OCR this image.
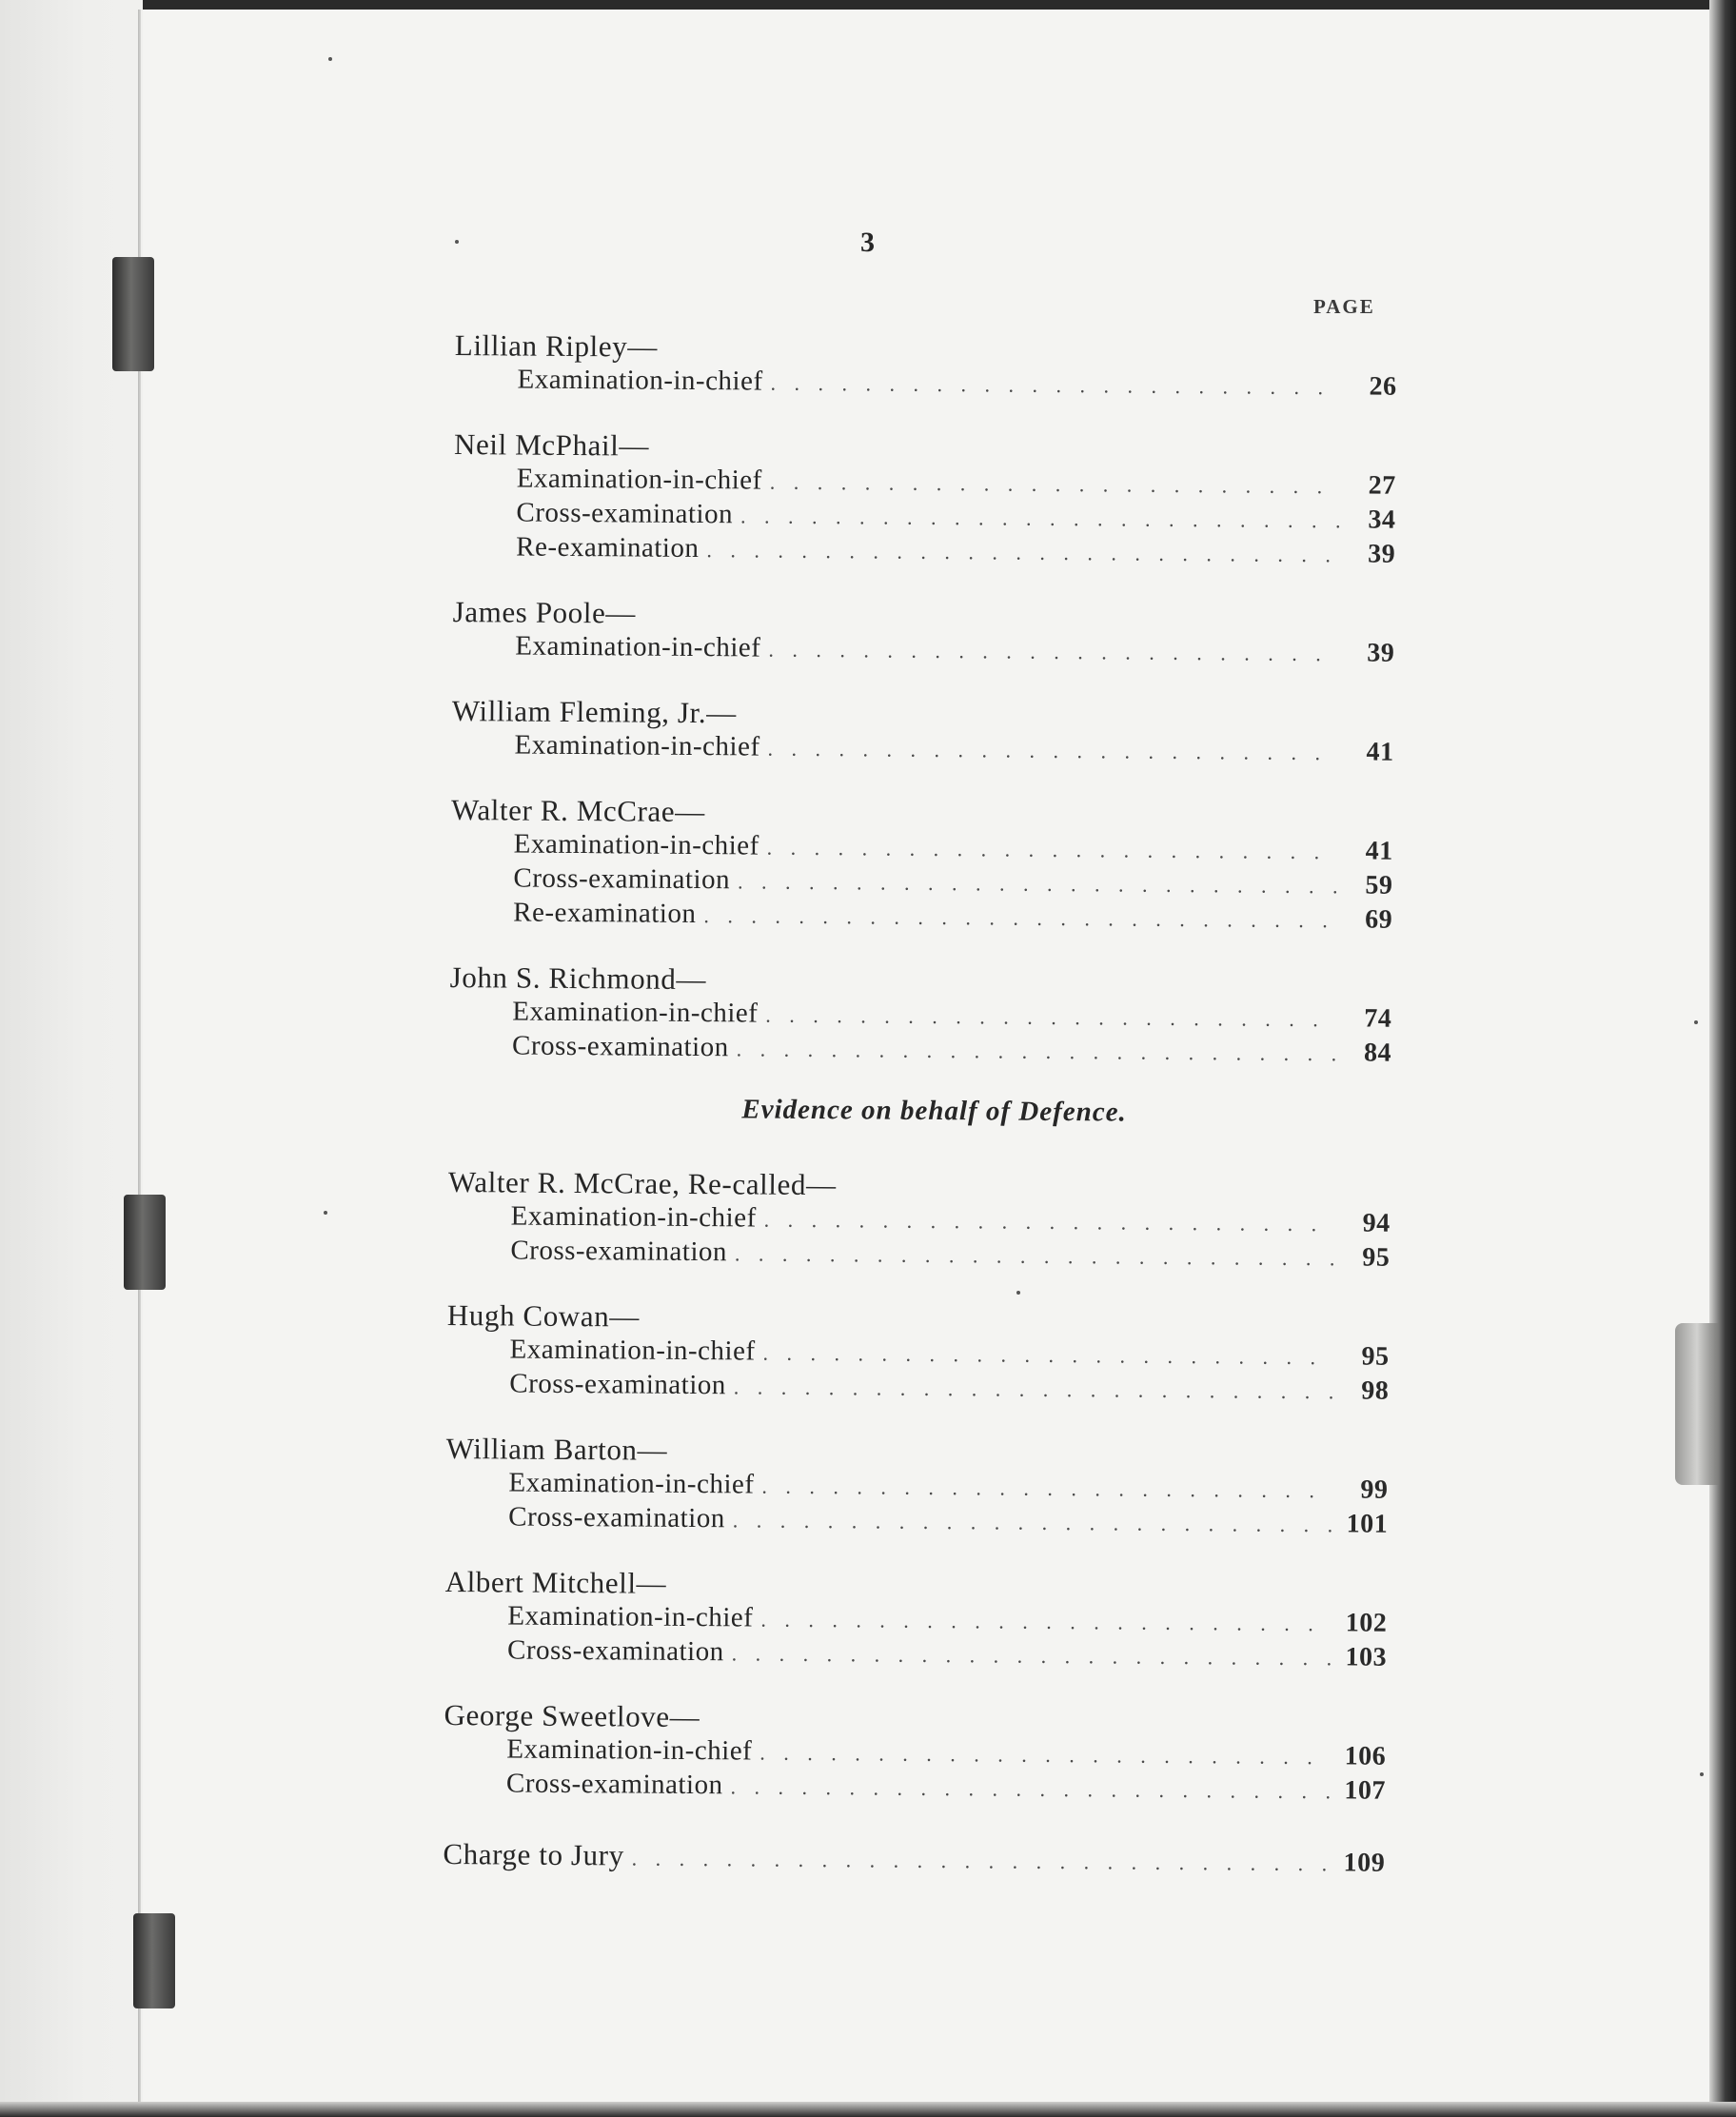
3
PAGE
Lillian Ripley—
Examination-in-chief . . .	26
Neil McPhail—
Examination-in-chief . . .	27
Cross-examination . . .	34
Re-examination . . .	39
James Poole—
Examination-in-chief . . .	39
William Fleming, Jr.—
Examination-in-chief . . .	41
Walter R. McCrae—
Examination-in-chief . . .	41
Cross-examination . . .	59
Re-examination . . .	69
John S. Richmond—
Examination-in-chief . . .	74
Cross-examination . . .	84
Evidence on behalf of Defence.
Walter R. McCrae, Re-called—
Examination-in-chief . . .	94
Cross-examination . . .	95
Hugh Cowan—
Examination-in-chief . . .	95
Cross-examination . . .	98
William Barton—
Examination-in-chief . . .	99
Cross-examination . . .	101
Albert Mitchell—
Examination-in-chief . . .	102
Cross-examination . . .	103
George Sweetlove—
Examination-in-chief . . .	106
Cross-examination . . .	107
Charge to Jury . . .	109
